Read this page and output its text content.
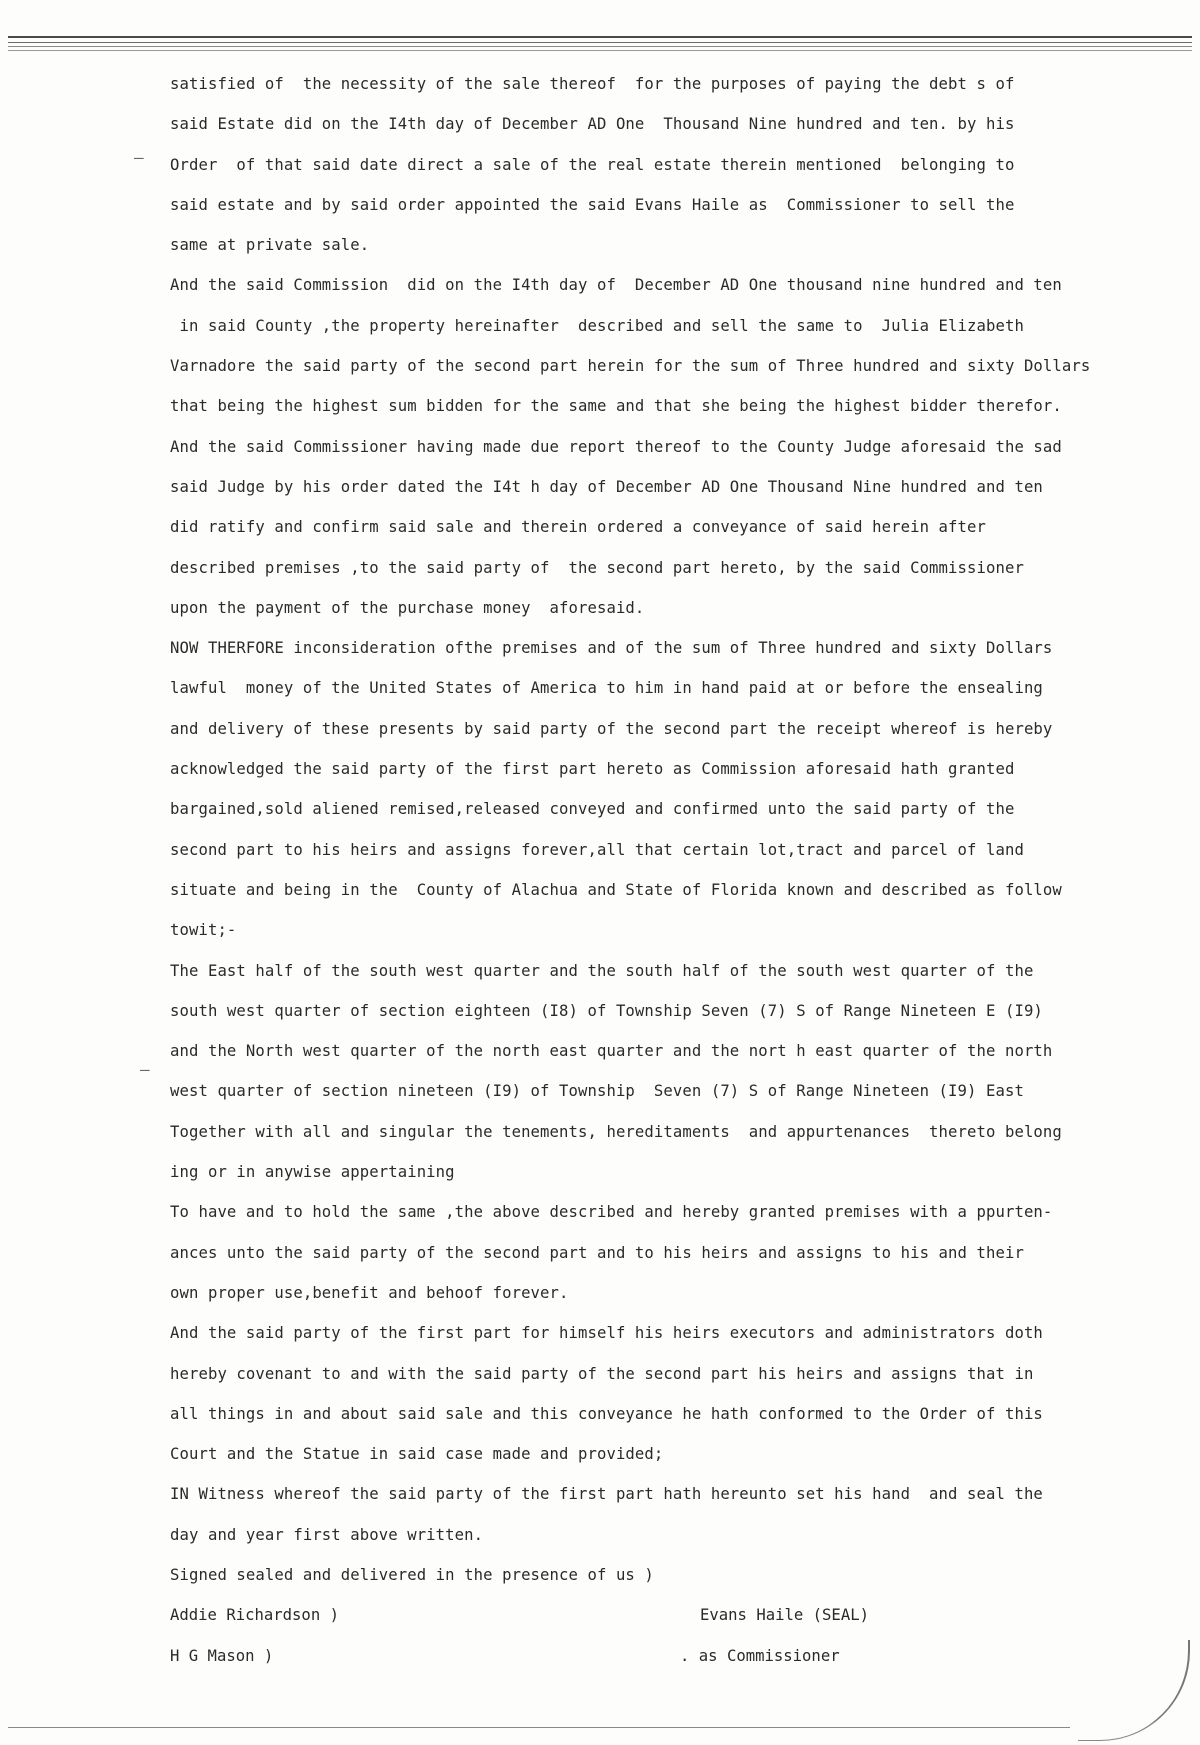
–
–
satisfied of  the necessity of the sale thereof  for the purposes of paying the debt s of
said Estate did on the I4th day of December AD One  Thousand Nine hundred and ten. by his
Order  of that said date direct a sale of the real estate therein mentioned  belonging to
said estate and by said order appointed the said Evans Haile as  Commissioner to sell the
same at private sale.
And the said Commission  did on the I4th day of  December AD One thousand nine hundred and ten
in said County ,the property hereinafter  described and sell the same to  Julia Elizabeth
Varnadore the said party of the second part herein for the sum of Three hundred and sixty Dollars
that being the highest sum bidden for the same and that she being the highest bidder therefor.
And the said Commissioner having made due report thereof to the County Judge aforesaid the sad
said Judge by his order dated the I4t h day of December AD One Thousand Nine hundred and ten
did ratify and confirm said sale and therein ordered a conveyance of said herein after
described premises ,to the said party of  the second part hereto, by the said Commissioner
upon the payment of the purchase money  aforesaid.
NOW THERFORE inconsideration ofthe premises and of the sum of Three hundred and sixty Dollars
lawful  money of the United States of America to him in hand paid at or before the ensealing
and delivery of these presents by said party of the second part the receipt whereof is hereby
acknowledged the said party of the first part hereto as Commission aforesaid hath granted
bargained,sold aliened remised,released conveyed and confirmed unto the said party of the
second part to his heirs and assigns forever,all that certain lot,tract and parcel of land
situate and being in the  County of Alachua and State of Florida known and described as follow
towit;-
The East half of the south west quarter and the south half of the south west quarter of the
south west quarter of section eighteen (I8) of Township Seven (7) S of Range Nineteen E (I9)
and the North west quarter of the north east quarter and the nort h east quarter of the north
west quarter of section nineteen (I9) of Township  Seven (7) S of Range Nineteen (I9) East
Together with all and singular the tenements, hereditaments  and appurtenances  thereto belong
ing or in anywise appertaining
To have and to hold the same ,the above described and hereby granted premises with a ppurten-
ances unto the said party of the second part and to his heirs and assigns to his and their
own proper use,benefit and behoof forever.
And the said party of the first part for himself his heirs executors and administrators doth
hereby covenant to and with the said party of the second part his heirs and assigns that in
all things in and about said sale and this conveyance he hath conformed to the Order of this
Court and the Statue in said case made and provided;
IN Witness whereof the said party of the first part hath hereunto set his hand  and seal the
day and year first above written.
Signed sealed and delivered in the presence of us )
Addie Richardson )	Evans Haile (SEAL)
H G Mason )	. as Commissioner
